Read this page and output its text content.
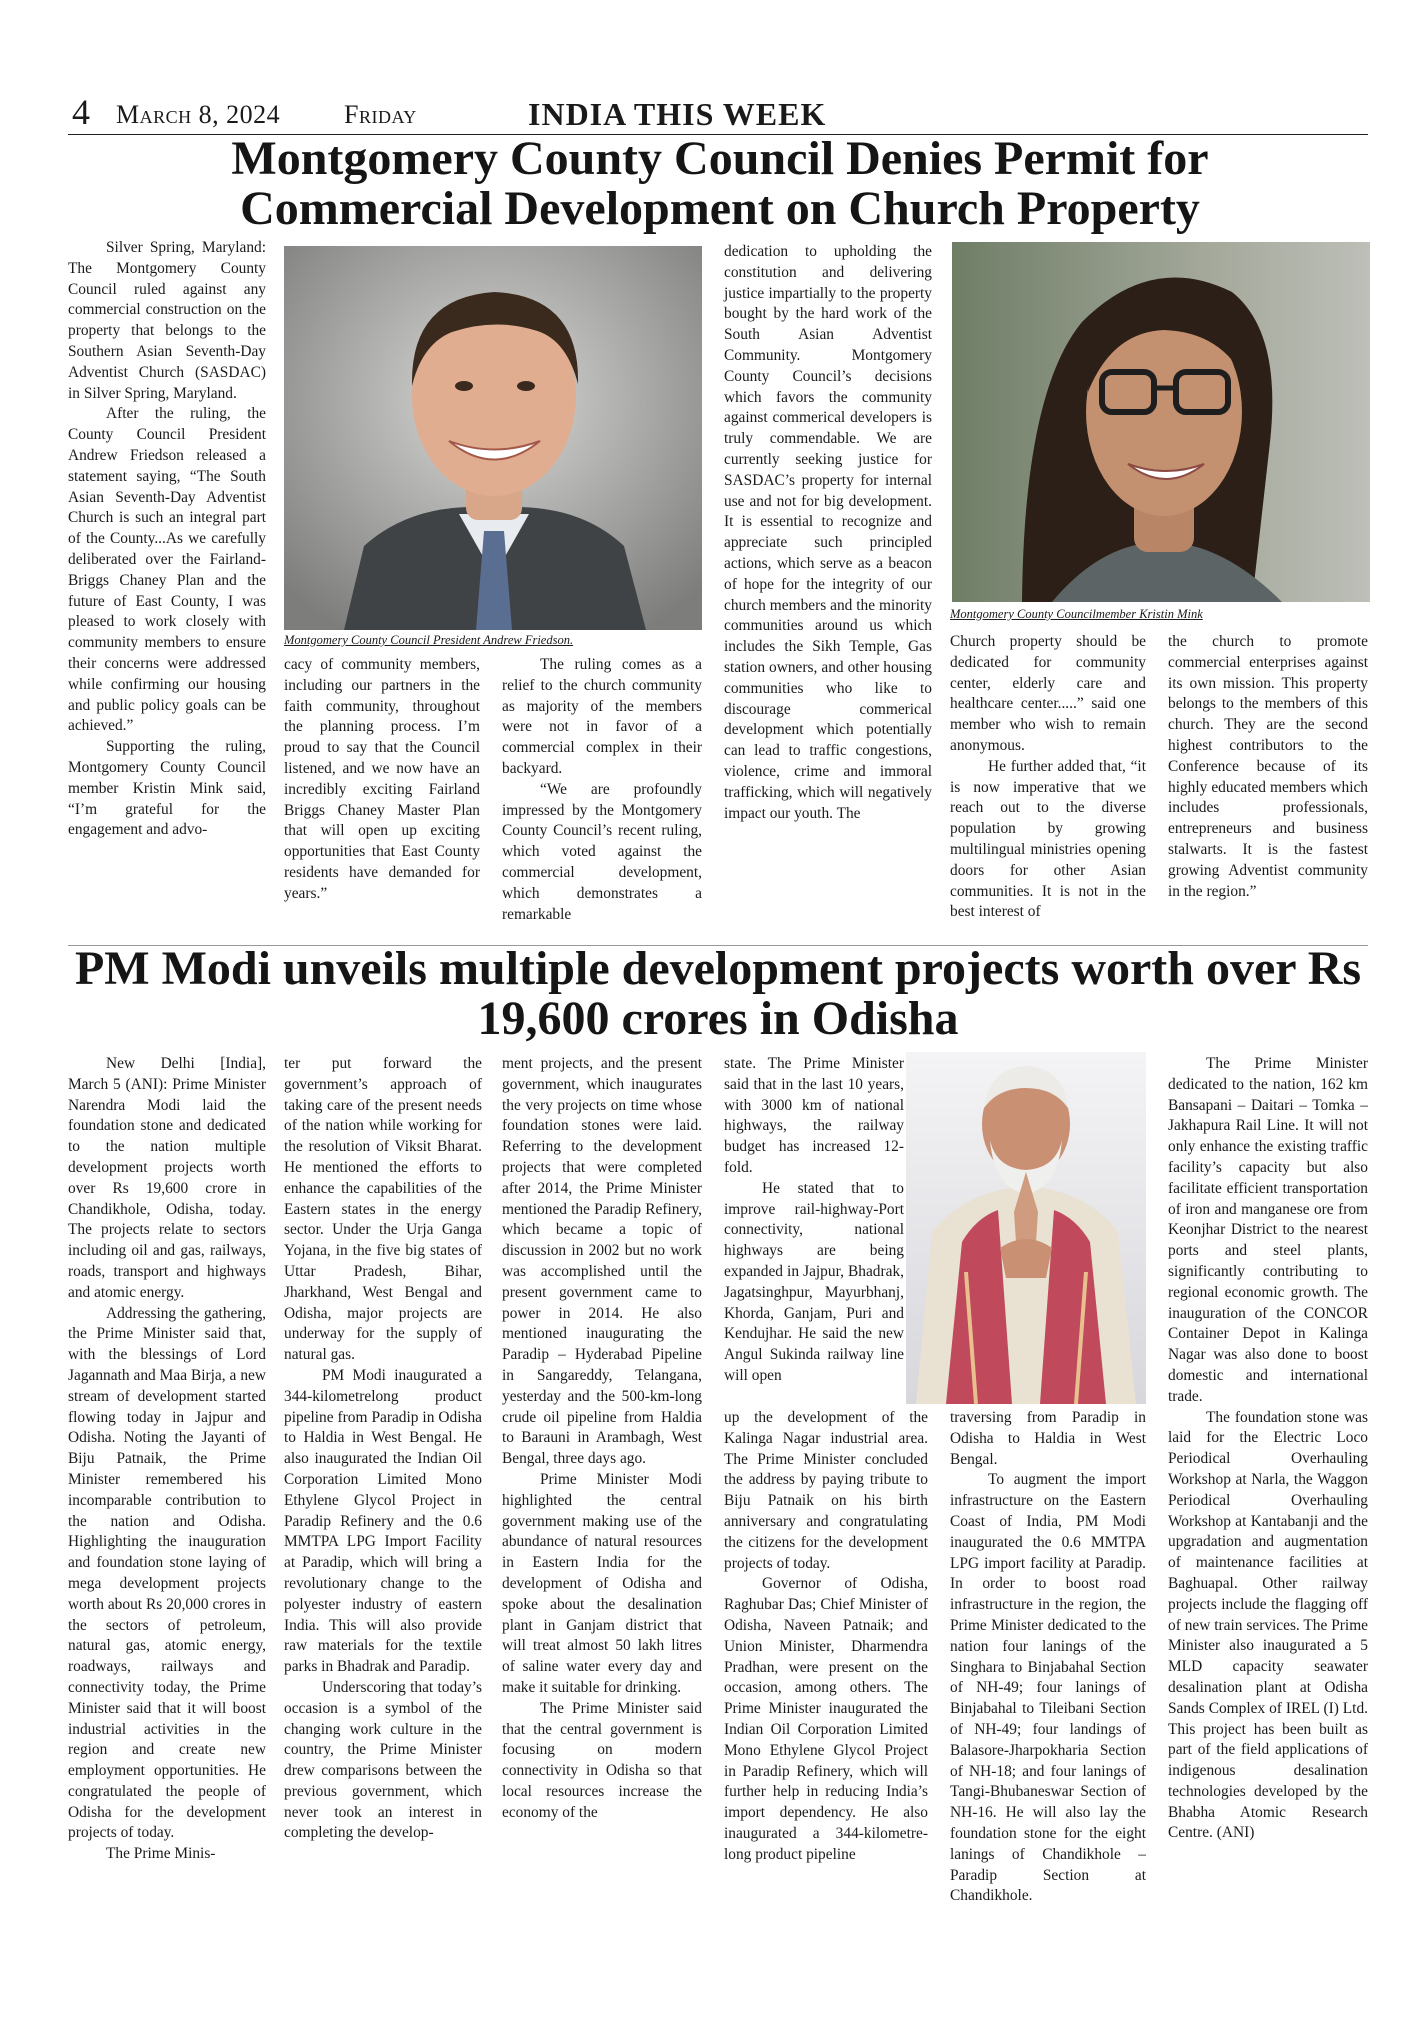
4 March 8, 2024 Friday	INDIA THIS WEEK
Montgomery County Council Denies Permit for Commercial Development on Church Property
Montgomery County Council President Andrew Friedson.
Montgomery County Councilmember Kristin Mink

Silver Spring, Maryland: The Montgomery County Council ruled against any commercial construction on the property that belongs to the Southern Asian Seventh-Day Adventist Church (SASDAC) in Silver Spring, Maryland.

After the ruling, the County Council President Andrew Friedson released a statement saying, “The South Asian Seventh-Day Adventist Church is such an integral part of the County...As we carefully deliberated over the Fairland-Briggs Chaney Plan and the future of East County, I was pleased to work closely with community members to ensure their concerns were addressed while confirming our housing and public policy goals can be achieved.”

Supporting the ruling, Montgomery County Council member Kristin Mink said, “I’m grateful for the engagement and advo-

cacy of community members, including our partners in the faith community, throughout the planning process. I’m proud to say that the Council listened, and we now have an incredibly exciting Fairland Briggs Chaney Master Plan that will open up exciting opportunities that East County residents have demanded for years.”

The ruling comes as a relief to the church community as majority of the members were not in favor of a commercial complex in their backyard.

“We are profoundly impressed by the Montgomery County Council’s recent ruling, which voted against the commercial development, which demonstrates a remarkable

dedication to upholding the constitution and delivering justice impartially to the property bought by the hard work of the South Asian Adventist Community. Montgomery County Council’s decisions which favors the community against commerical developers is truly commendable. We are currently seeking justice for SASDAC’s property for internal use and not for big development. It is essential to recognize and appreciate such principled actions, which serve as a beacon of hope for the integrity of our church members and the minority communities around us which includes the Sikh Temple, Gas station owners, and other housing communities who like to discourage commerical development which potentially can lead to traffic congestions, violence, crime and immoral trafficking, which will negatively impact our youth. The

Church property should be dedicated for community center, elderly care and healthcare center.....” said one member who wish to remain anonymous.

He further added that, “it is now imperative that we reach out to the diverse population by growing multilingual ministries opening doors for other Asian communities. It is not in the best interest of

the church to promote commercial enterprises against its own mission. This property belongs to the members of this church. They are the second highest contributors to the Conference because of its highly educated members which includes professionals, entrepreneurs and business stalwarts. It is the fastest growing Adventist community in the region.”

PM Modi unveils multiple development projects worth over Rs 19,600 crores in Odisha

New Delhi [India], March 5 (ANI): Prime Minister Narendra Modi laid the foundation stone and dedicated to the nation multiple development projects worth over Rs 19,600 crore in Chandikhole, Odisha, today. The projects relate to sectors including oil and gas, railways, roads, transport and highways and atomic energy.

Addressing the gathering, the Prime Minister said that, with the blessings of Lord Jagannath and Maa Birja, a new stream of development started flowing today in Jajpur and Odisha. Noting the Jayanti of Biju Patnaik, the Prime Minister remembered his incomparable contribution to the nation and Odisha. Highlighting the inauguration and foundation stone laying of mega development projects worth about Rs 20,000 crores in the sectors of petroleum, natural gas, atomic energy, roadways, railways and connectivity today, the Prime Minister said that it will boost industrial activities in the region and create new employment opportunities. He congratulated the people of Odisha for the development projects of today.

The Prime Minis-

ter put forward the government’s approach of taking care of the present needs of the nation while working for the resolution of Viksit Bharat. He mentioned the efforts to enhance the capabilities of the Eastern states in the energy sector. Under the Urja Ganga Yojana, in the five big states of Uttar Pradesh, Bihar, Jharkhand, West Bengal and Odisha, major projects are underway for the supply of natural gas.

PM Modi inaugurated a 344-kilometrelong product pipeline from Paradip in Odisha to Haldia in West Bengal. He also inaugurated the Indian Oil Corporation Limited Mono Ethylene Glycol Project in Paradip Refinery and the 0.6 MMTPA LPG Import Facility at Paradip, which will bring a revolutionary change to the polyester industry of eastern India. This will also provide raw materials for the textile parks in Bhadrak and Paradip.

Underscoring that today’s occasion is a symbol of the changing work culture in the country, the Prime Minister drew comparisons between the previous government, which never took an interest in completing the develop-

ment projects, and the present government, which inaugurates the very projects on time whose foundation stones were laid. Referring to the development projects that were completed after 2014, the Prime Minister mentioned the Paradip Refinery, which became a topic of discussion in 2002 but no work was accomplished until the present government came to power in 2014. He also mentioned inaugurating the Paradip – Hyderabad Pipeline in Sangareddy, Telangana, yesterday and the 500-km-long crude oil pipeline from Haldia to Barauni in Arambagh, West Bengal, three days ago.

Prime Minister Modi highlighted the central government making use of the abundance of natural resources in Eastern India for the development of Odisha and spoke about the desalination plant in Ganjam district that will treat almost 50 lakh litres of saline water every day and make it suitable for drinking.

The Prime Minister said that the central government is focusing on modern connectivity in Odisha so that local resources increase the economy of the

state. The Prime Minister said that in the last 10 years, with 3000 km of national highways, the railway budget has increased 12-fold.

He stated that to improve rail-highway-Port connectivity, national highways are being expanded in Jajpur, Bhadrak, Jagatsinghpur, Mayurbhanj, Khorda, Ganjam, Puri and Kendujhar. He said the new Angul Sukinda railway line will open

up the development of the Kalinga Nagar industrial area. The Prime Minister concluded the address by paying tribute to Biju Patnaik on his birth anniversary and congratulating the citizens for the development projects of today.

Governor of Odisha, Raghubar Das; Chief Minister of Odisha, Naveen Patnaik; and Union Minister, Dharmendra Pradhan, were present on the occasion, among others. The Prime Minister inaugurated the Indian Oil Corporation Limited Mono Ethylene Glycol Project in Paradip Refinery, which will further help in reducing India’s import dependency. He also inaugurated a 344-kilometre-long product pipeline

traversing from Paradip in Odisha to Haldia in West Bengal.

To augment the import infrastructure on the Eastern Coast of India, PM Modi inaugurated the 0.6 MMTPA LPG import facility at Paradip. In order to boost road infrastructure in the region, the Prime Minister dedicated to the nation four lanings of the Singhara to Binjabahal Section of NH-49; four lanings of Binjabahal to Tileibani Section of NH-49; four landings of Balasore-Jharpokharia Section of NH-18; and four lanings of Tangi-Bhubaneswar Section of NH-16. He will also lay the foundation stone for the eight lanings of Chandikhole – Paradip Section at Chandikhole.

The Prime Minister dedicated to the nation, 162 km Bansapani – Daitari – Tomka – Jakhapura Rail Line. It will not only enhance the existing traffic facility’s capacity but also facilitate efficient transportation of iron and manganese ore from Keonjhar District to the nearest ports and steel plants, significantly contributing to regional economic growth. The inauguration of the CONCOR Container Depot in Kalinga Nagar was also done to boost domestic and international trade.

The foundation stone was laid for the Electric Loco Periodical Overhauling Workshop at Narla, the Waggon Periodical Overhauling Workshop at Kantabanji and the upgradation and augmentation of maintenance facilities at Baghuapal. Other railway projects include the flagging off of new train services. The Prime Minister also inaugurated a 5 MLD capacity seawater desalination plant at Odisha Sands Complex of IREL (I) Ltd. This project has been built as part of the field applications of indigenous desalination technologies developed by the Bhabha Atomic Research Centre. (ANI)
